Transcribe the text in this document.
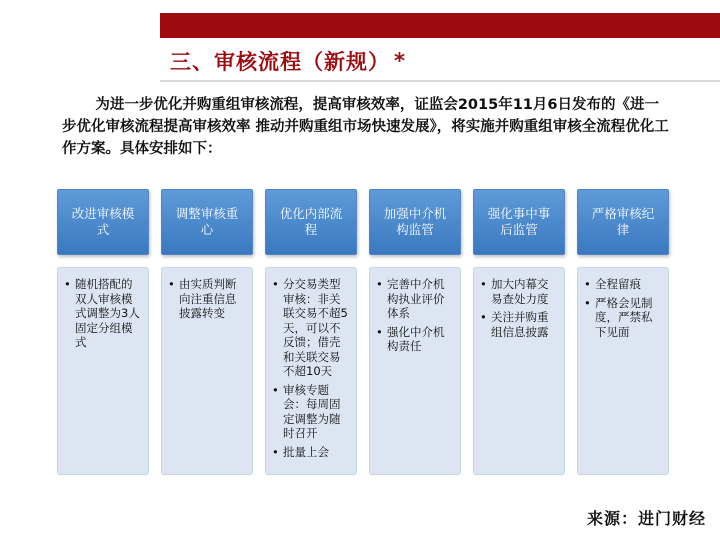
三、审核流程（新规） *

为进一步优化并购重组审核流程，提高审核效率，证监会2015年11月6日发布的《进一步优化审核流程提高审核效率 推动并购重组市场快速发展》，将实施并购重组审核全流程优化工作方案。具体安排如下：

改进审核模式
• 随机搭配的双人审核模式调整为3人固定分组模式
调整审核重心
• 由实质判断向注重信息披露转变
优化内部流程
• 分交易类型审核：非关联交易不超5天，可以不反馈；借壳和关联交易不超10天
• 审核专题会：每周固定调整为随时召开
• 批量上会
加强中介机构监管
• 完善中介机构执业评价体系
• 强化中介机构责任
强化事中事后监管
• 加大内幕交易查处力度
• 关注并购重组信息披露
严格审核纪律
• 全程留痕
• 严格会见制度，严禁私下见面
来源：进门财经
